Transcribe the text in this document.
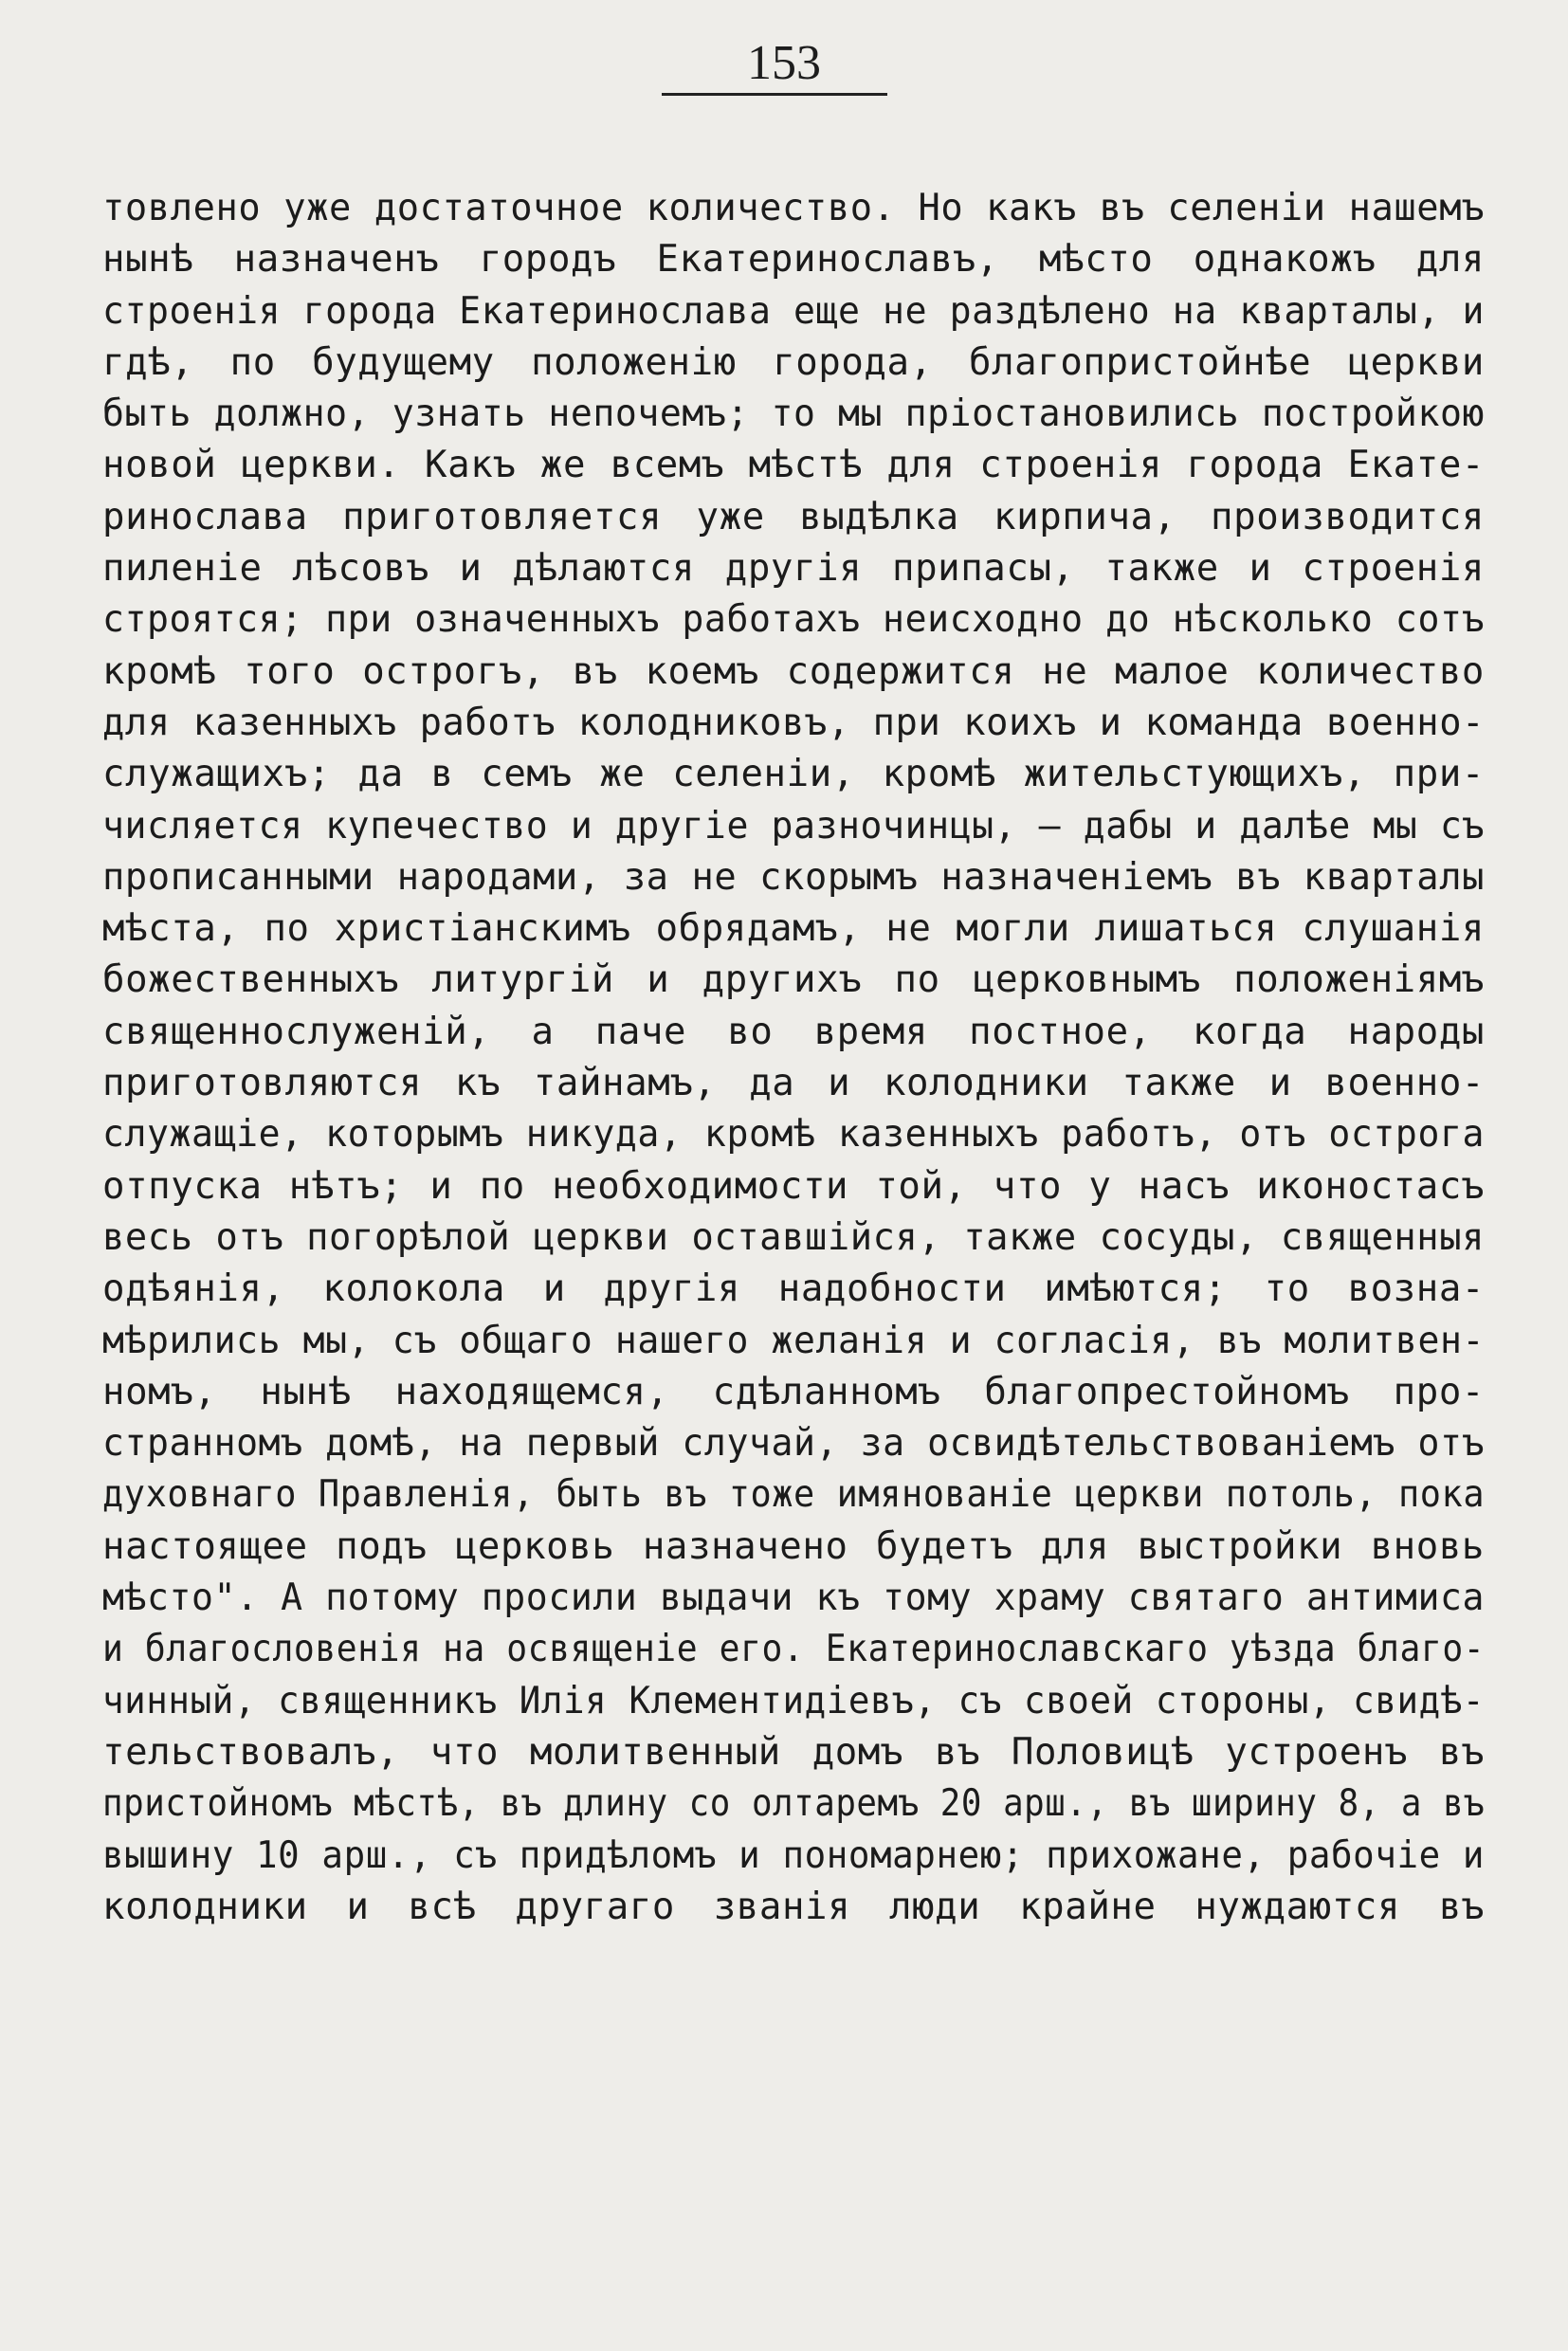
153
товлено уже достаточное количество. Но какъ въ селеніи нашемъ
нынѣ назначенъ городъ Екатеринославъ, мѣсто однакожъ для
строенія города Екатеринослава еще не раздѣлено на кварталы, и
гдѣ, по будущему положенію города, благопристойнѣе церкви
быть должно, узнать непочемъ; то мы пріостановились постройкою
новой церкви. Какъ же всемъ мѣстѣ для строенія города Екате-
ринослава приготовляется уже выдѣлка кирпича, производится
пиленіе лѣсовъ и дѣлаются другія припасы, также и строенія
строятся; при означенныхъ работахъ неисходно до нѣсколько сотъ
кромѣ того острогъ, въ коемъ содержится не малое количество
для казенныхъ работъ колодниковъ, при коихъ и команда военно-
служащихъ; да в семъ же селеніи, кромѣ жительстующихъ, при-
числяется купечество и другіе разночинцы, — дабы и далѣе мы съ
прописанными народами, за не скорымъ назначеніемъ въ кварталы
мѣста, по христіанскимъ обрядамъ, не могли лишаться слушанія
божественныхъ литургій и другихъ по церковнымъ положеніямъ
священнослуженій, а паче во время постное, когда народы
приготовляются къ тайнамъ, да и колодники также и военно-
служащіе, которымъ никуда, кромѣ казенныхъ работъ, отъ острога
отпуска нѣтъ; и по необходимости той, что у насъ иконостасъ
весь отъ погорѣлой церкви оставшійся, также сосуды, священныя
одѣянія, колокола и другія надобности имѣются; то возна-
мѣрились мы, съ общаго нашего желанія и согласія, въ молитвен-
номъ, нынѣ находящемся, сдѣланномъ благопрестойномъ про-
странномъ домѣ, на первый случай, за освидѣтельствованіемъ отъ
духовнаго Правленія, быть въ тоже имянованіе церкви потоль, пока
настоящее подъ церковь назначено будетъ для выстройки вновь
мѣсто". А потому просили выдачи къ тому храму святаго антимиса
и благословенія на освященіе его. Екатеринославскаго уѣзда благо-
чинный, священникъ Илія Клементидіевъ, съ своей стороны, свидѣ-
тельствовалъ, что молитвенный домъ въ Половицѣ устроенъ въ
пристойномъ мѣстѣ, въ длину со олтаремъ 20 арш., въ ширину 8, а въ
вышину 10 арш., съ придѣломъ и пономарнею; прихожане, рабочіе и
колодники и всѣ другаго званія люди крайне нуждаются въ
